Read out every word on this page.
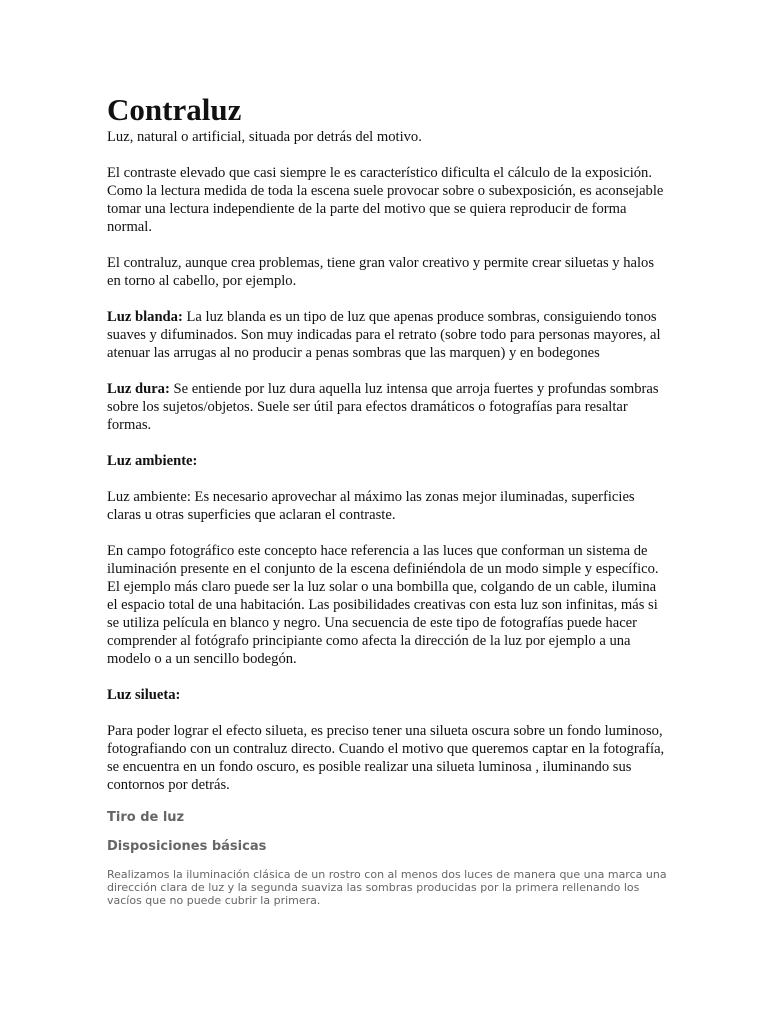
Contraluz

Luz, natural o artificial, situada por detrás del motivo.

El contraste elevado que casi siempre le es característico dificulta el cálculo de la exposición. Como la lectura medida de toda la escena suele provocar sobre o subexposición, es aconsejable tomar una lectura independiente de la parte del motivo que se quiera reproducir de forma normal.

El contraluz, aunque crea problemas, tiene gran valor creativo y permite crear siluetas y halos en torno al cabello, por ejemplo.

Luz blanda: La luz blanda es un tipo de luz que apenas produce sombras, consiguiendo tonos suaves y difuminados. Son muy indicadas para el retrato (sobre todo para personas mayores, al atenuar las arrugas al no producir a penas sombras que las marquen) y en bodegones

Luz dura: Se entiende por luz dura aquella luz intensa que arroja fuertes y profundas sombras sobre los sujetos/objetos. Suele ser útil para efectos dramáticos o fotografías para resaltar formas.

Luz ambiente:

Luz ambiente: Es necesario aprovechar al máximo las zonas mejor iluminadas, superficies claras u otras superficies que aclaran el contraste.

En campo fotográfico este concepto hace referencia a las luces que conforman un sistema de iluminación presente en el conjunto de la escena definiéndola de un modo simple y específico. El ejemplo más claro puede ser la luz solar o una bombilla que, colgando de un cable, ilumina el espacio total de una habitación. Las posibilidades creativas con esta luz son infinitas, más si se utiliza película en blanco y negro. Una secuencia de este tipo de fotografías puede hacer comprender al fotógrafo principiante como afecta la dirección de la luz por ejemplo a una modelo o a un sencillo bodegón.

Luz silueta:

Para poder lograr el efecto silueta, es preciso tener una silueta oscura sobre un fondo luminoso, fotografiando con un contraluz directo. Cuando el motivo que queremos captar en la fotografía, se encuentra en un fondo oscuro, es posible realizar una silueta luminosa , iluminando sus contornos por detrás.

Tiro de luz

Disposiciones básicas

Realizamos la iluminación clásica de un rostro con al menos dos luces de manera que una marca una dirección clara de luz y la segunda suaviza las sombras producidas por la primera rellenando los vacíos que no puede cubrir la primera.
